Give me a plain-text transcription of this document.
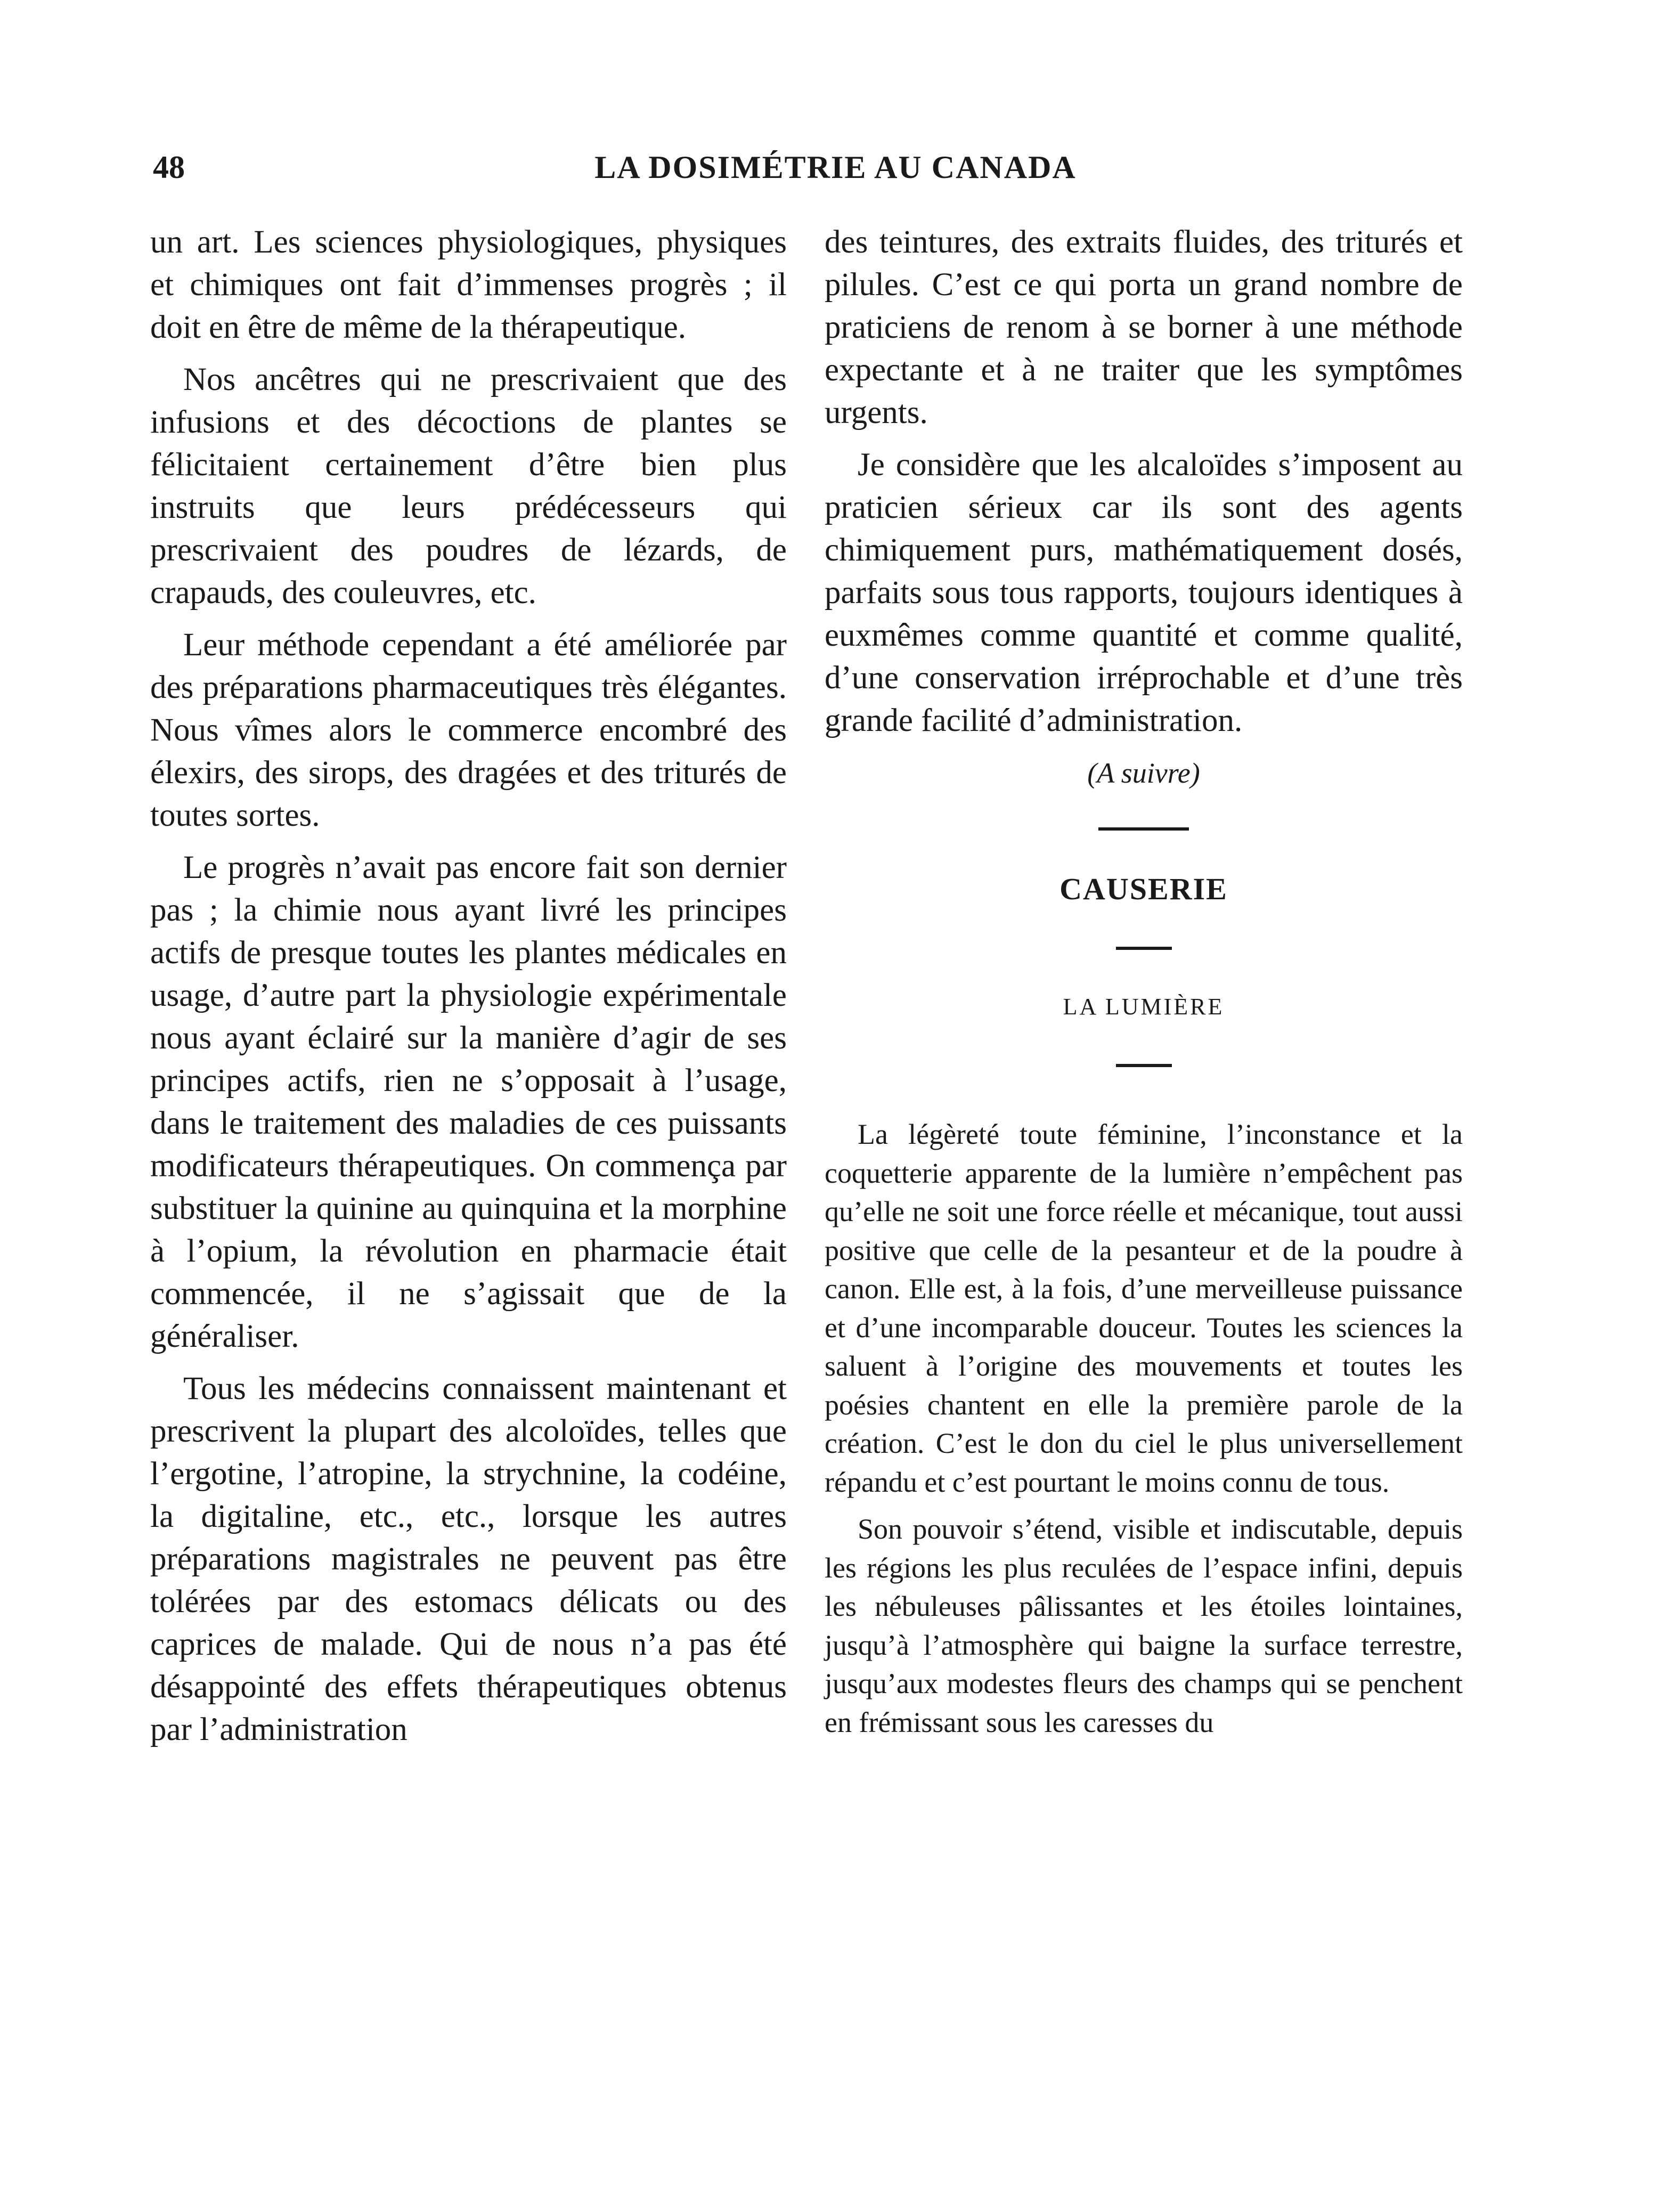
48	LA DOSIMÉTRIE AU CANADA

un art. Les sciences physiologiques, physiques et chimiques ont fait d’immenses progrès ; il doit en être de même de la thérapeutique.

Nos ancêtres qui ne prescrivaient que des infusions et des décoctions de plantes se félicitaient certainement d’être bien plus instruits que leurs prédécesseurs qui prescrivaient des poudres de lézards, de crapauds, des couleuvres, etc.

Leur méthode cependant a été améliorée par des préparations pharmaceutiques très élégantes. Nous vîmes alors le commerce encombré des élexirs, des sirops, des dragées et des triturés de toutes sortes.

Le progrès n’avait pas encore fait son dernier pas ; la chimie nous ayant livré les principes actifs de presque toutes les plantes médicales en usage, d’autre part la physiologie expérimentale nous ayant éclairé sur la manière d’agir de ses principes actifs, rien ne s’opposait à l’usage, dans le traitement des maladies de ces puissants modificateurs thérapeutiques. On commença par substituer la quinine au quinquina et la morphine à l’opium, la révolution en pharmacie était commencée, il ne s’agissait que de la généraliser.

Tous les médecins connaissent maintenant et prescrivent la plupart des alcoloïdes, telles que l’ergotine, l’atropine, la strychnine, la codéine, la digitaline, etc., etc., lorsque les autres préparations magistrales ne peuvent pas être tolérées par des estomacs délicats ou des caprices de malade. Qui de nous n’a pas été désappointé des effets thérapeutiques obtenus par l’administration

des teintures, des extraits fluides, des triturés et pilules. C’est ce qui porta un grand nombre de praticiens de renom à se borner à une méthode expectante et à ne traiter que les symptômes urgents.

Je considère que les alcaloïdes s’imposent au praticien sérieux car ils sont des agents chimiquement purs, mathématiquement dosés, parfaits sous tous rapports, toujours identiques à euxmêmes comme quantité et comme qualité, d’une conservation irréprochable et d’une très grande facilité d’administration.

(A suivre)
CAUSERIE
LA LUMIÈRE

La légèreté toute féminine, l’inconstance et la coquetterie apparente de la lumière n’empêchent pas qu’elle ne soit une force réelle et mécanique, tout aussi positive que celle de la pesanteur et de la poudre à canon. Elle est, à la fois, d’une merveilleuse puissance et d’une incomparable douceur. Toutes les sciences la saluent à l’origine des mouvements et toutes les poésies chantent en elle la première parole de la création. C’est le don du ciel le plus universellement répandu et c’est pourtant le moins connu de tous.

Son pouvoir s’étend, visible et indiscutable, depuis les régions les plus reculées de l’espace infini, depuis les nébuleuses pâlissantes et les étoiles lointaines, jusqu’à l’atmosphère qui baigne la surface terrestre, jusqu’aux modestes fleurs des champs qui se penchent en frémissant sous les caresses du
